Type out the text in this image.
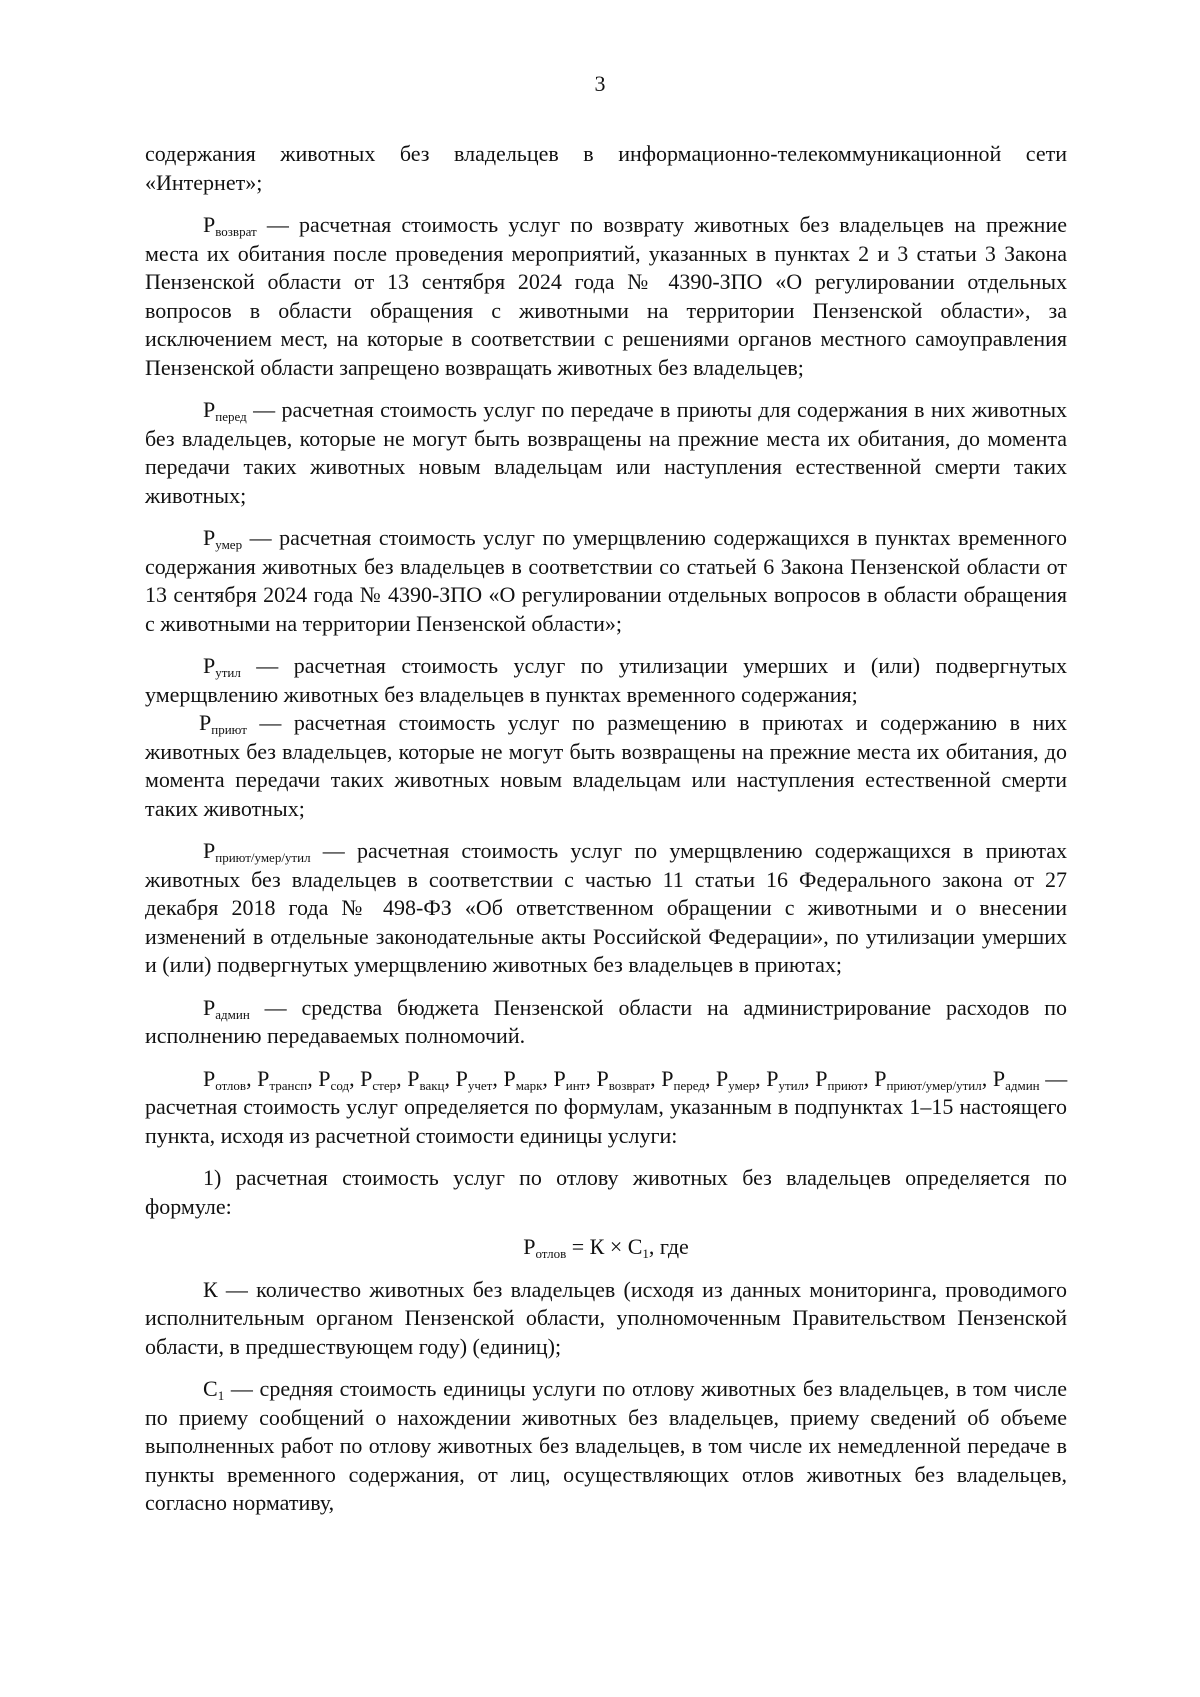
3

содержания животных без владельцев в информационно-телекоммуникационной сети «Интернет»;

$P_{возврат}$ — расчетная стоимость услуг по возврату животных без владельцев на прежние места их обитания после проведения мероприятий, указанных в пунктах 2 и 3 статьи 3 Закона Пензенской области от 13 сентября 2024 года № 4390-ЗПО «О регулировании отдельных вопросов в области обращения с животными на территории Пензенской области», за исключением мест, на которые в соответствии с решениями органов местного самоуправления Пензенской области запрещено возвращать животных без владельцев;

$P_{перед}$ — расчетная стоимость услуг по передаче в приюты для содержания в них животных без владельцев, которые не могут быть возвращены на прежние места их обитания, до момента передачи таких животных новым владельцам или наступления естественной смерти таких животных;

$P_{умер}$ — расчетная стоимость услуг по умерщвлению содержащихся в пунктах временного содержания животных без владельцев в соответствии со статьей 6 Закона Пензенской области от 13 сентября 2024 года № 4390-ЗПО «О регулировании отдельных вопросов в области обращения с животными на территории Пензенской области»;

$P_{утил}$ — расчетная стоимость услуг по утилизации умерших и (или) подвергнутых умерщвлению животных без владельцев в пунктах временного содержания;

$P_{приют}$ — расчетная стоимость услуг по размещению в приютах и содержанию в них животных без владельцев, которые не могут быть возвращены на прежние места их обитания, до момента передачи таких животных новым владельцам или наступления естественной смерти таких животных;

$P_{приют/умер/утил}$ — расчетная стоимость услуг по умерщвлению содержащихся в приютах животных без владельцев в соответствии с частью 11 статьи 16 Федерального закона от 27 декабря 2018 года № 498-ФЗ «Об ответственном обращении с животными и о внесении изменений в отдельные законодательные акты Российской Федерации», по утилизации умерших и (или) подвергнутых умерщвлению животных без владельцев в приютах;

$P_{админ}$ — средства бюджета Пензенской области на администрирование расходов по исполнению передаваемых полномочий.

$P_{отлов}$, $P_{трансп}$, $P_{сод}$, $P_{стер}$, $P_{вакц}$, $P_{учет}$, $P_{марк}$, $P_{инт}$, $P_{возврат}$, $P_{перед}$, $P_{умер}$, $P_{утил}$, $P_{приют}$, $P_{приют/умер/утил}$, $P_{админ}$ — расчетная стоимость услуг определяется по формулам, указанным в подпунктах 1–15 настоящего пункта, исходя из расчетной стоимости единицы услуги:

1) расчетная стоимость услуг по отлову животных без владельцев определяется по формуле:

$P_{отлов} = К \times С_1$, где

К — количество животных без владельцев (исходя из данных мониторинга, проводимого исполнительным органом Пензенской области, уполномоченным Правительством Пензенской области, в предшествующем году) (единиц);

$С_1$ — средняя стоимость единицы услуги по отлову животных без владельцев, в том числе по приему сообщений о нахождении животных без владельцев, приему сведений об объеме выполненных работ по отлову животных без владельцев, в том числе их немедленной передаче в пункты временного содержания, от лиц, осуществляющих отлов животных без владельцев, согласно нормативу,
